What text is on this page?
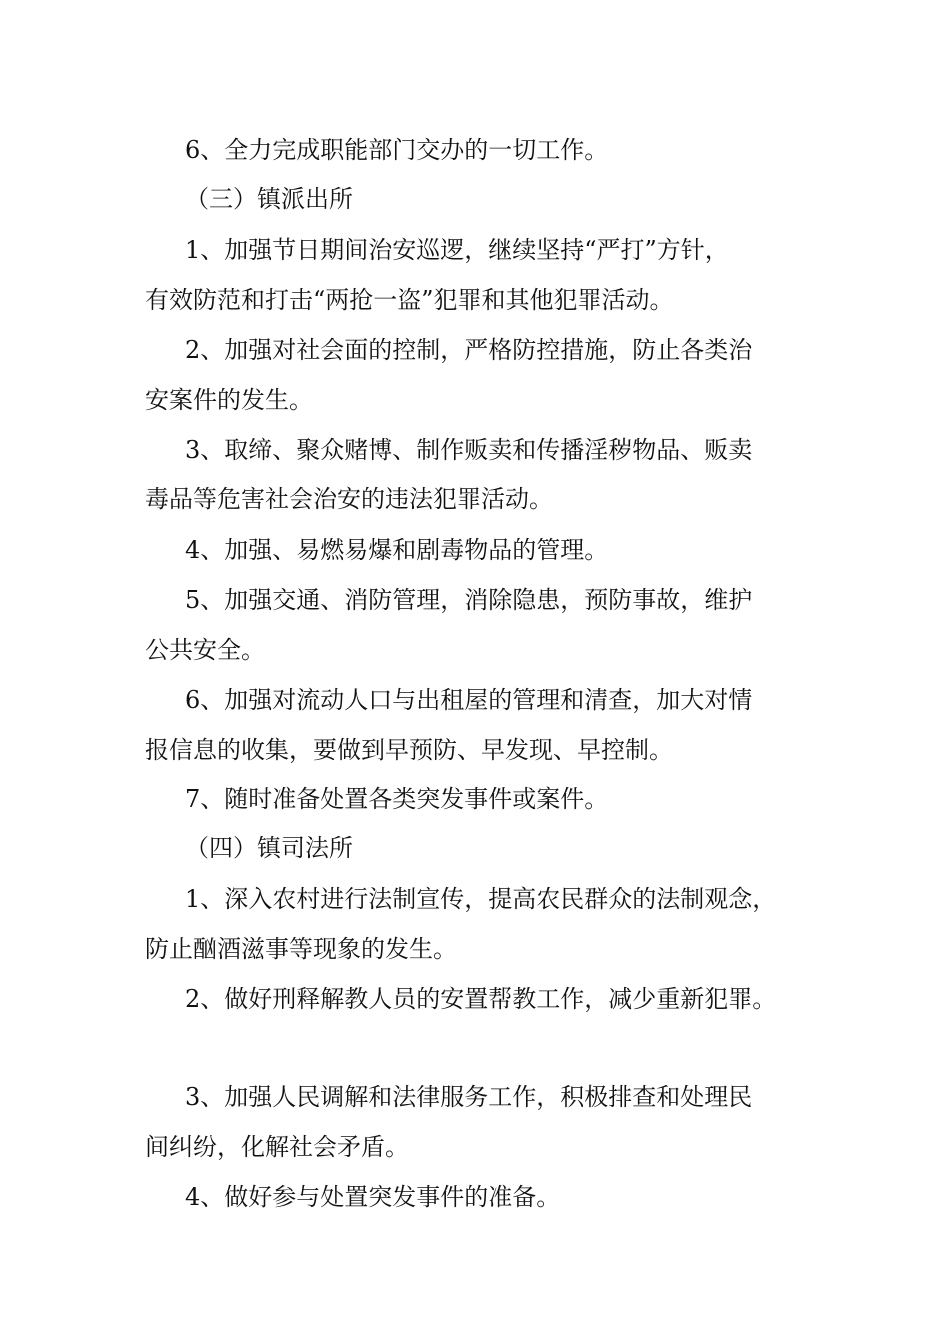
6、全力完成职能部门交办的一切工作。

（三）镇派出所

1、加强节日期间治安巡逻，继续坚持“严打”方针，

有效防范和打击“两抢一盗”犯罪和其他犯罪活动。

2、加强对社会面的控制，严格防控措施，防止各类治

安案件的发生。

3、取缔、聚众赌博、制作贩卖和传播淫秽物品、贩卖

毒品等危害社会治安的违法犯罪活动。

4、加强、易燃易爆和剧毒物品的管理。

5、加强交通、消防管理，消除隐患，预防事故，维护

公共安全。

6、加强对流动人口与出租屋的管理和清查，加大对情

报信息的收集，要做到早预防、早发现、早控制。

7、随时准备处置各类突发事件或案件。

（四）镇司法所

1、深入农村进行法制宣传，提高农民群众的法制观念，

防止酗酒滋事等现象的发生。

2、做好刑释解教人员的安置帮教工作，减少重新犯罪。

3、加强人民调解和法律服务工作，积极排查和处理民

间纠纷，化解社会矛盾。

4、做好参与处置突发事件的准备。
